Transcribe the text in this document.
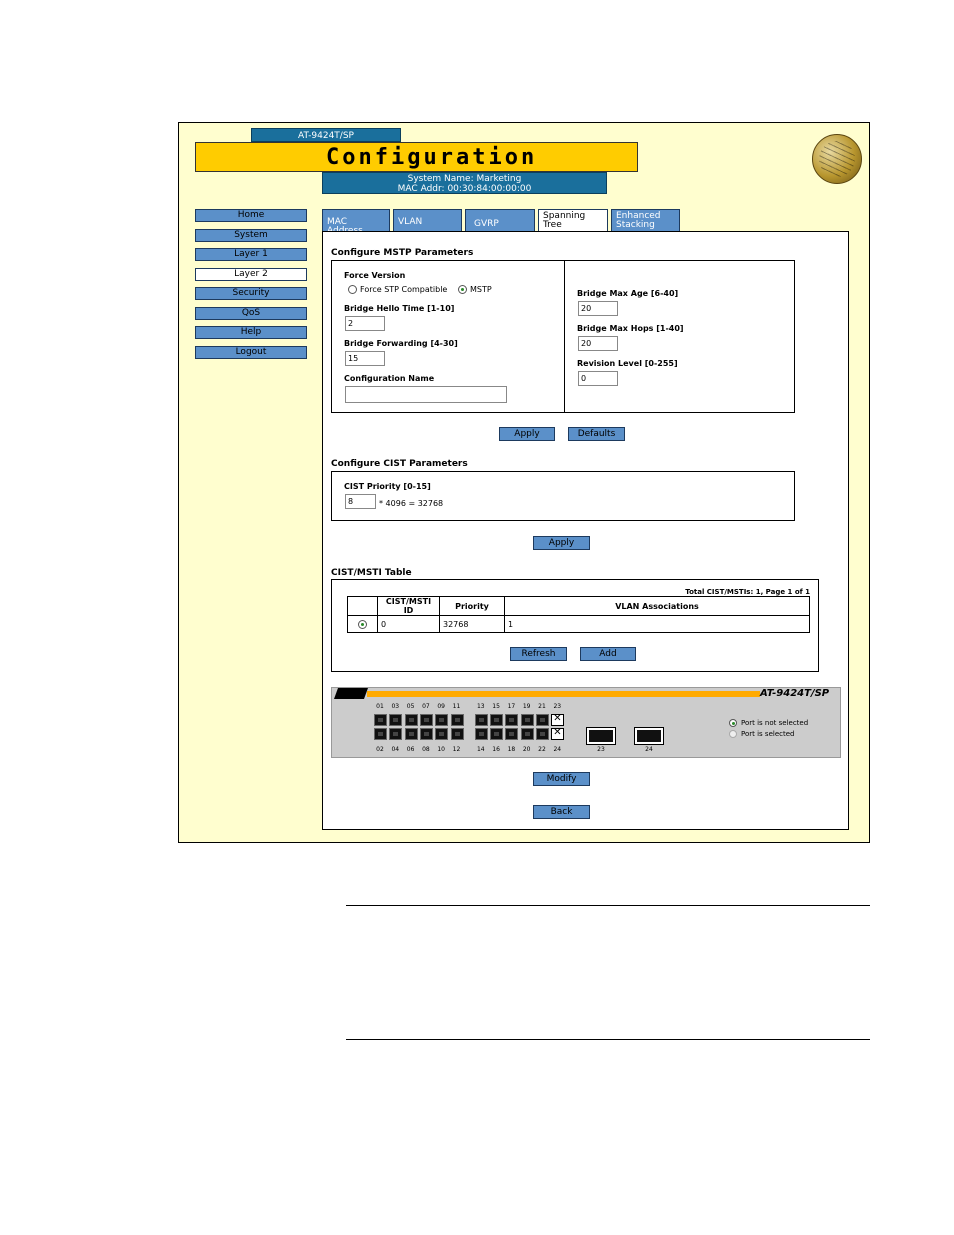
AT-9424T/SP
Configuration
System Name: Marketing
MAC Addr: 00:30:84:00:00:00
Home
System
Layer 1
Layer 2
Security
QoS
Help
Logout
MAC	VLAN	GVRP
Spanning
Tree
Enhanced
Stacking
Configure MSTP Parameters
Force Version
Force STP Compatible	MSTP
Bridge Hello Time [1-10]
2
Bridge Forwarding [4-30]
15
Configuration Name
Bridge Max Age [6-40]
20
Bridge Max Hops [1-40]
20
Revision Level [0-255]
0
Apply	Defaults
Configure CIST Parameters
CIST Priority [0-15]
8	* 4096 = 32768
Apply
CIST/MSTI Table
Total CIST/MSTIs: 1, Page 1 of 1
	CIST/MSTI ID	Priority	VLAN Associations
	0	32768	1
Refresh	Add
AT-9424T/SP
01	03	05	07	09	11	13	15	17	19	21	23
✕
02	04	06	08	10	12	14	16	18	20	22
✕	24	23	24
Port is not selected
Port is selected
Modify
Back
